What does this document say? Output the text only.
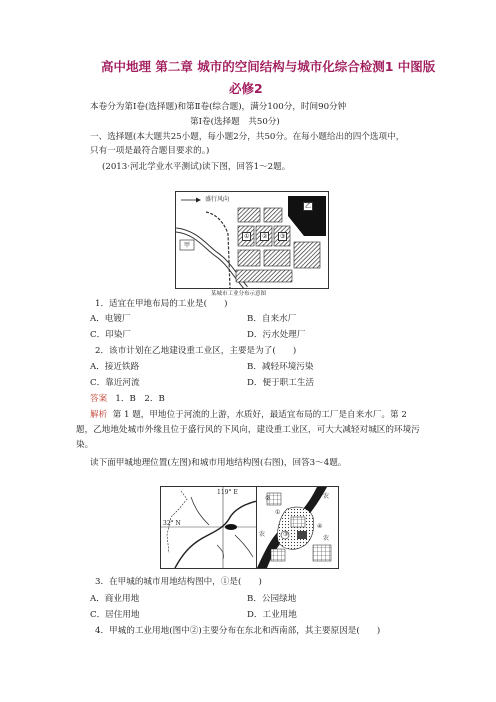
高中地理 第二章 城市的空间结构与城市化综合检测1 中图版
必修2
本卷分为第Ⅰ卷(选择题)和第Ⅱ卷(综合题)，满分100分，时间90分钟
第Ⅰ卷(选择题　共50分)
一、选择题(本大题共25小题，每小题2分，共50分。在每小题给出的四个选项中，
只有一项是最符合题目要求的。)
(2013·河北学业水平测试)读下图，回答1～2题。
盛行风向
甲
乙
①	②	③
某城市工业分布示意图
1．适宜在甲地布局的工业是(　　)
A．电镀厂	B．自来水厂
C．印染厂	D．污水处理厂
2．该市计划在乙地建设重工业区，主要是为了(　　)
A．接近铁路	B．减轻环境污染
C．靠近河流	D．便于职工生活
答案 1．B　2．B
解析 第 1 题，甲地位于河流的上游，水质好，最适宜布局的工厂是自来水厂。第 2
题，乙地地处城市外缘且位于盛行风的下风向，建设重工业区，可大大减轻对城区的环境污
染。
读下面甲城地理位置(左图)和城市用地结构图(右图)，回答3～4题。
119° E
32° N
农
农
农
①
②
③
④
3．在甲城的城市用地结构图中，①是(　　)
A．商业用地	B．公园绿地
C．居住用地	D．工业用地
4．甲城的工业用地(图中②)主要分布在东北和西南部，其主要原因是(　　)
